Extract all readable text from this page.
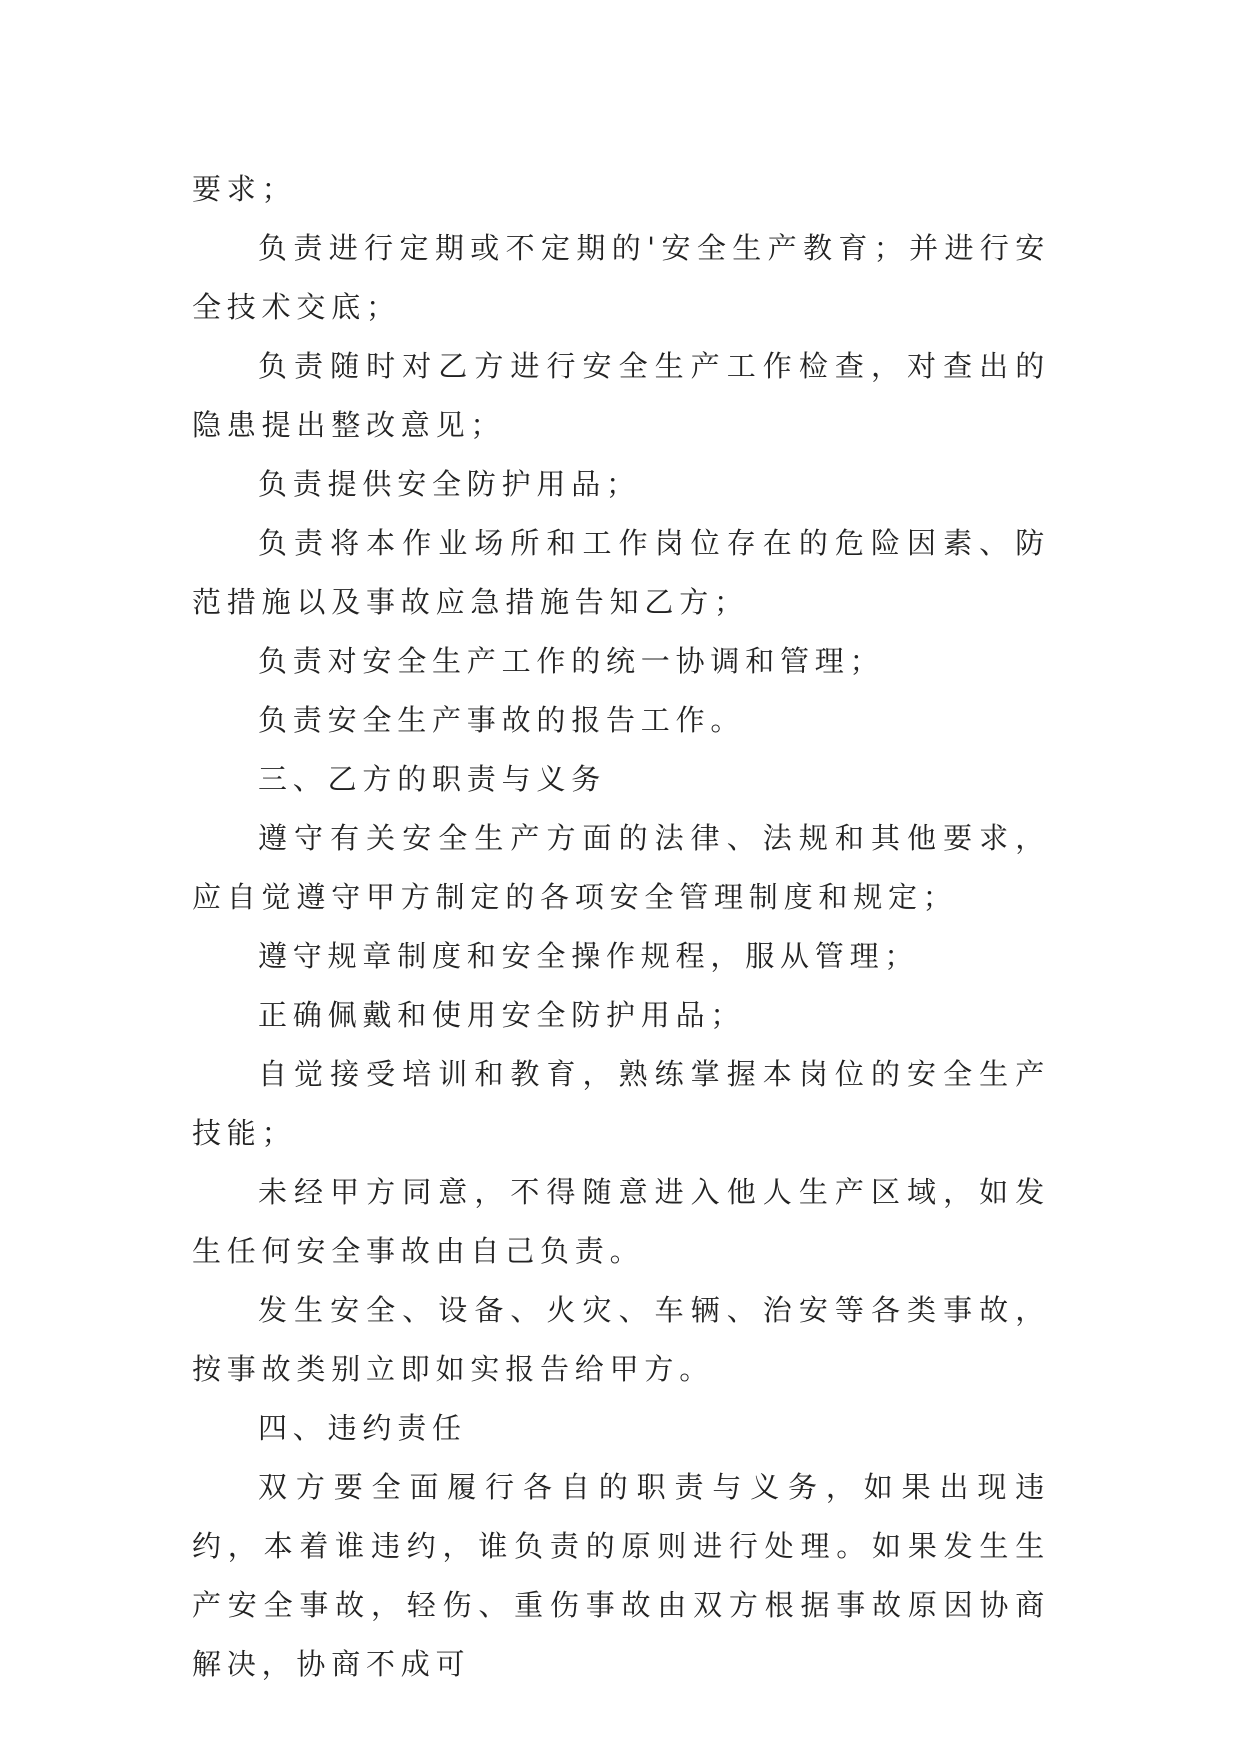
要求；

负责进行定期或不定期的'安全生产教育；并进行安全技术交底；

负责随时对乙方进行安全生产工作检查，对查出的隐患提出整改意见；

负责提供安全防护用品；

负责将本作业场所和工作岗位存在的危险因素、防范措施以及事故应急措施告知乙方；

负责对安全生产工作的统一协调和管理；

负责安全生产事故的报告工作。

三、乙方的职责与义务

遵守有关安全生产方面的法律、法规和其他要求，应自觉遵守甲方制定的各项安全管理制度和规定；

遵守规章制度和安全操作规程，服从管理；

正确佩戴和使用安全防护用品；

自觉接受培训和教育，熟练掌握本岗位的安全生产技能；

未经甲方同意，不得随意进入他人生产区域，如发生任何安全事故由自己负责。

发生安全、设备、火灾、车辆、治安等各类事故，按事故类别立即如实报告给甲方。

四、违约责任

双方要全面履行各自的职责与义务，如果出现违约，本着谁违约，谁负责的原则进行处理。如果发生生产安全事故，轻伤、重伤事故由双方根据事故原因协商解决，协商不成可
